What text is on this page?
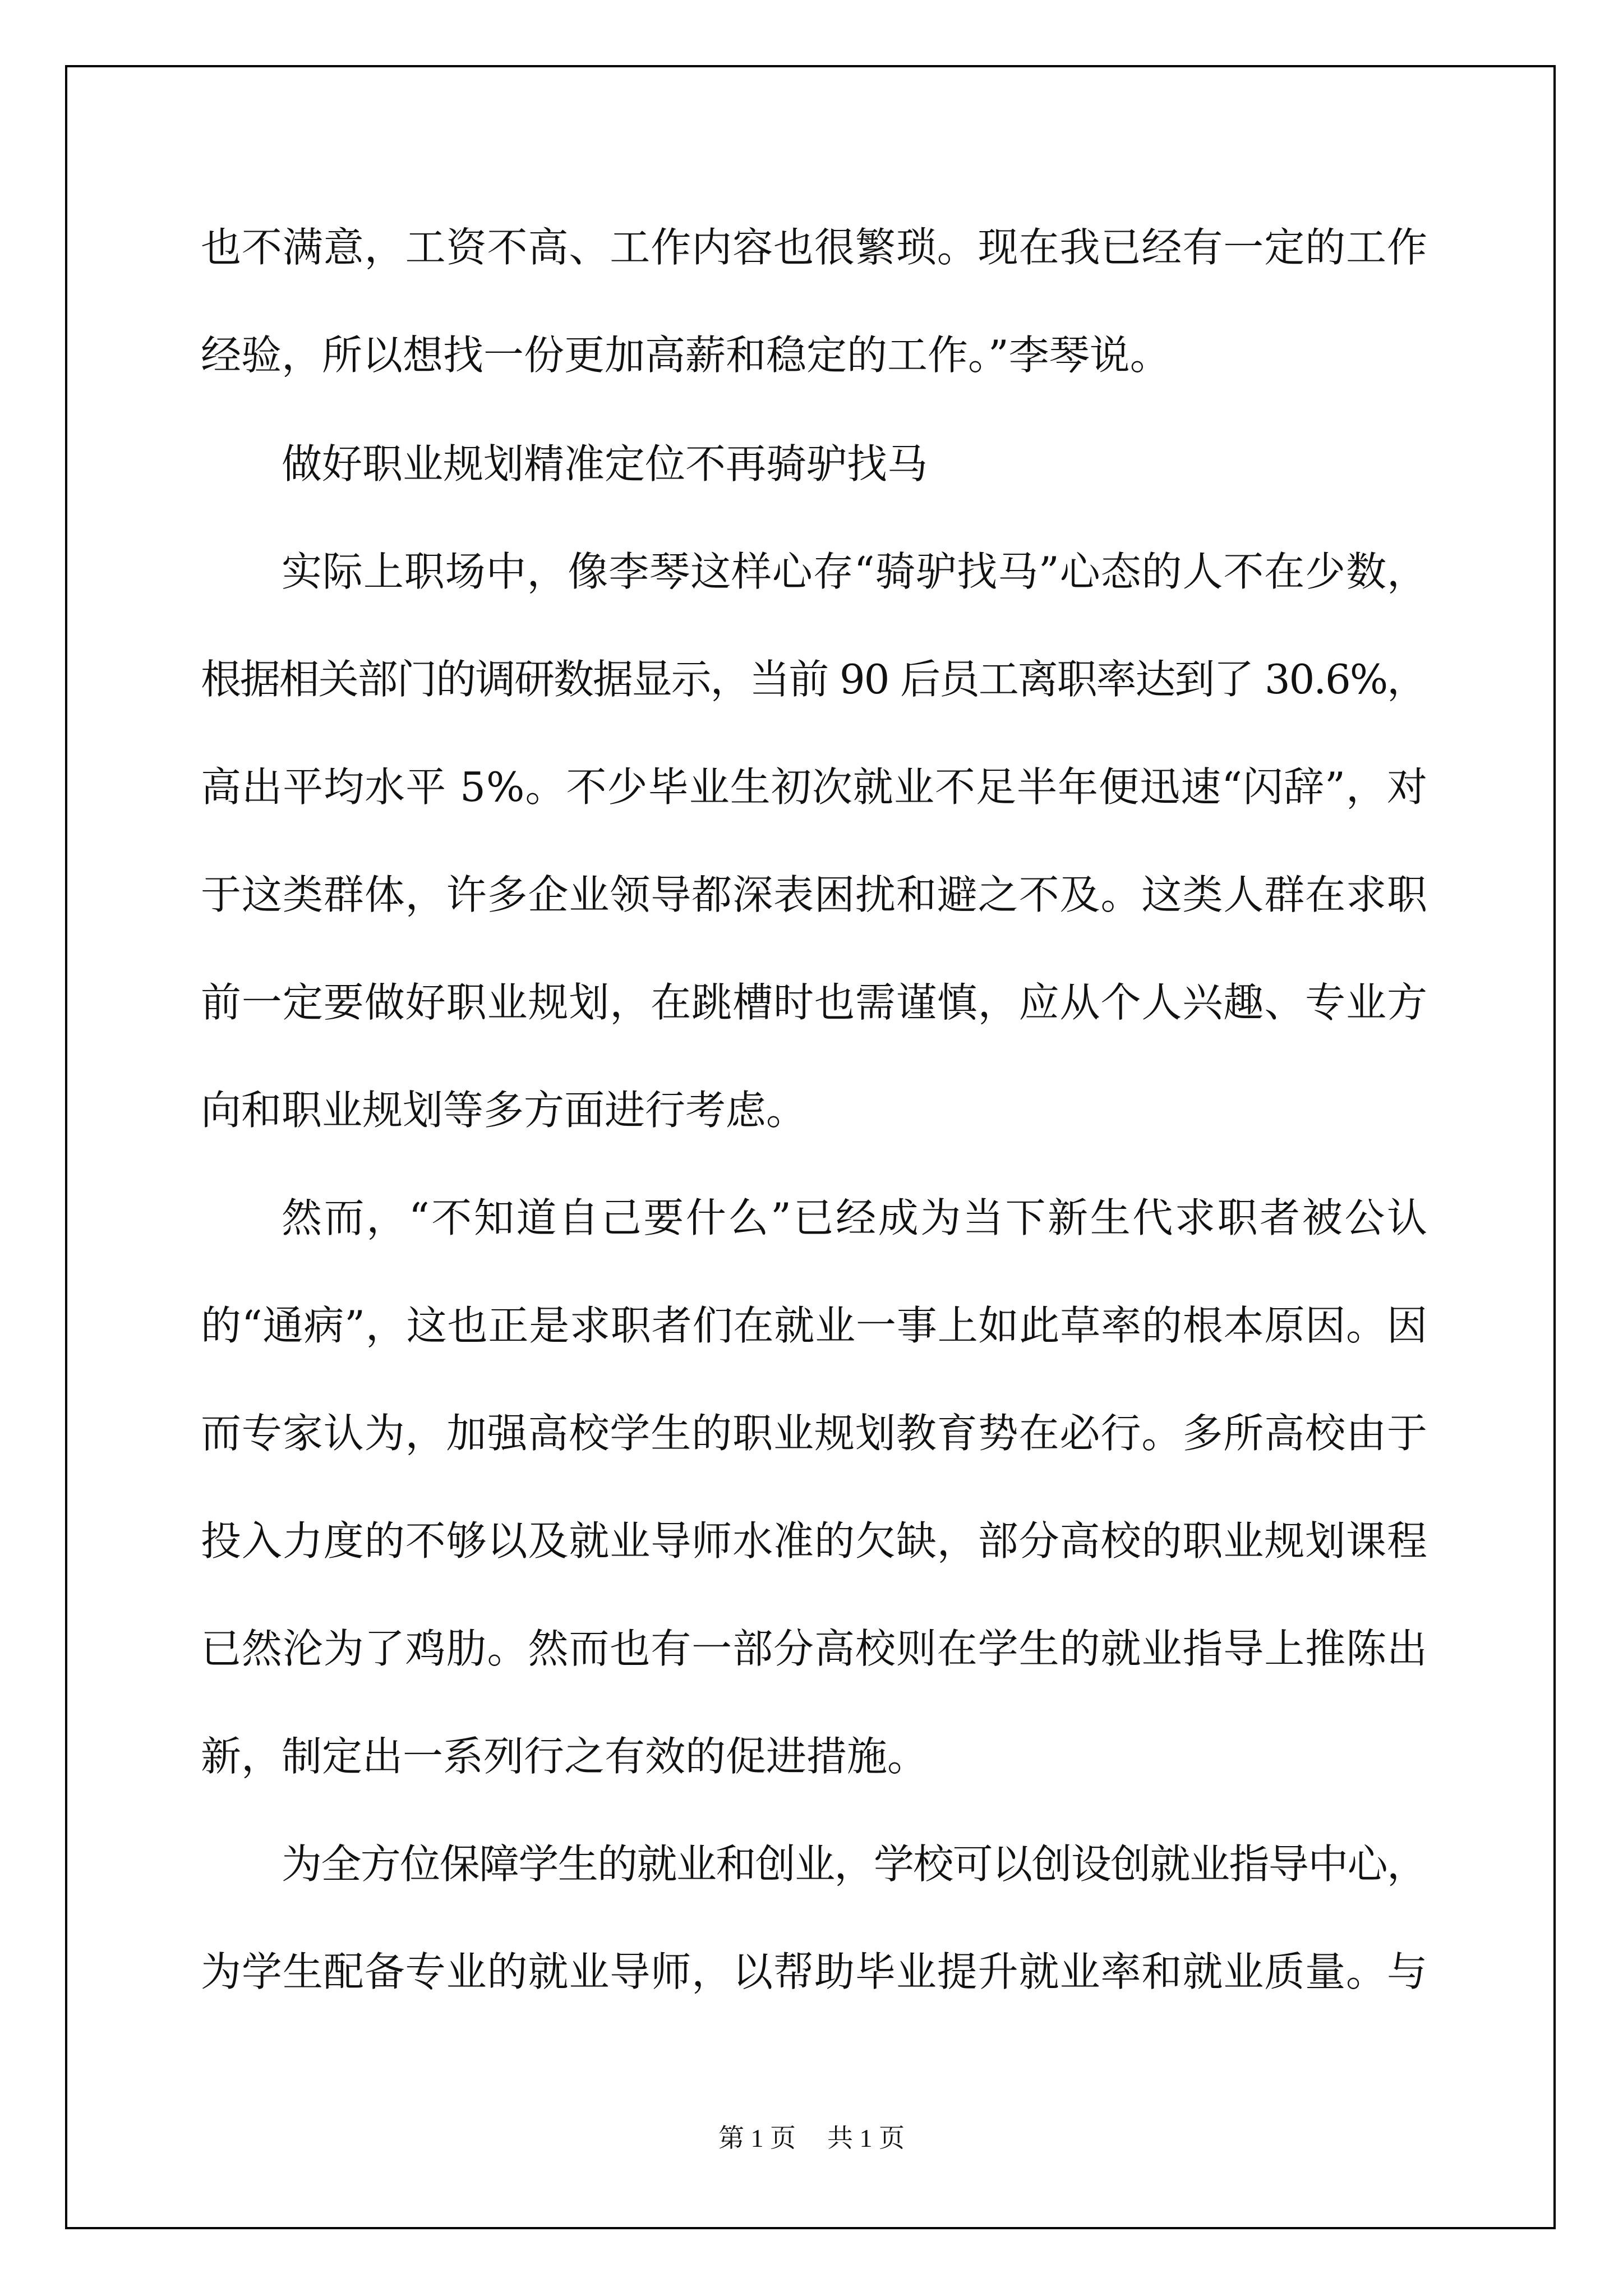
也不满意，工资不高、工作内容也很繁琐。现在我已经有一定的工作

经验，所以想找一份更加高薪和稳定的工作。”李琴说。

做好职业规划精准定位不再骑驴找马

实际上职场中，像李琴这样心存“骑驴找马”心态的人不在少数，

根据相关部门的调研数据显示，当前 90 后员工离职率达到了 30.6%，

高出平均水平 5%。不少毕业生初次就业不足半年便迅速“闪辞”，对

于这类群体，许多企业领导都深表困扰和避之不及。这类人群在求职

前一定要做好职业规划，在跳槽时也需谨慎，应从个人兴趣、专业方

向和职业规划等多方面进行考虑。

然而，“不知道自己要什么”已经成为当下新生代求职者被公认

的“通病”，这也正是求职者们在就业一事上如此草率的根本原因。因

而专家认为，加强高校学生的职业规划教育势在必行。多所高校由于

投入力度的不够以及就业导师水准的欠缺，部分高校的职业规划课程

已然沦为了鸡肋。然而也有一部分高校则在学生的就业指导上推陈出

新，制定出一系列行之有效的促进措施。

为全方位保障学生的就业和创业，学校可以创设创就业指导中心，

为学生配备专业的就业导师，以帮助毕业提升就业率和就业质量。与

第 1 页 共 1 页
